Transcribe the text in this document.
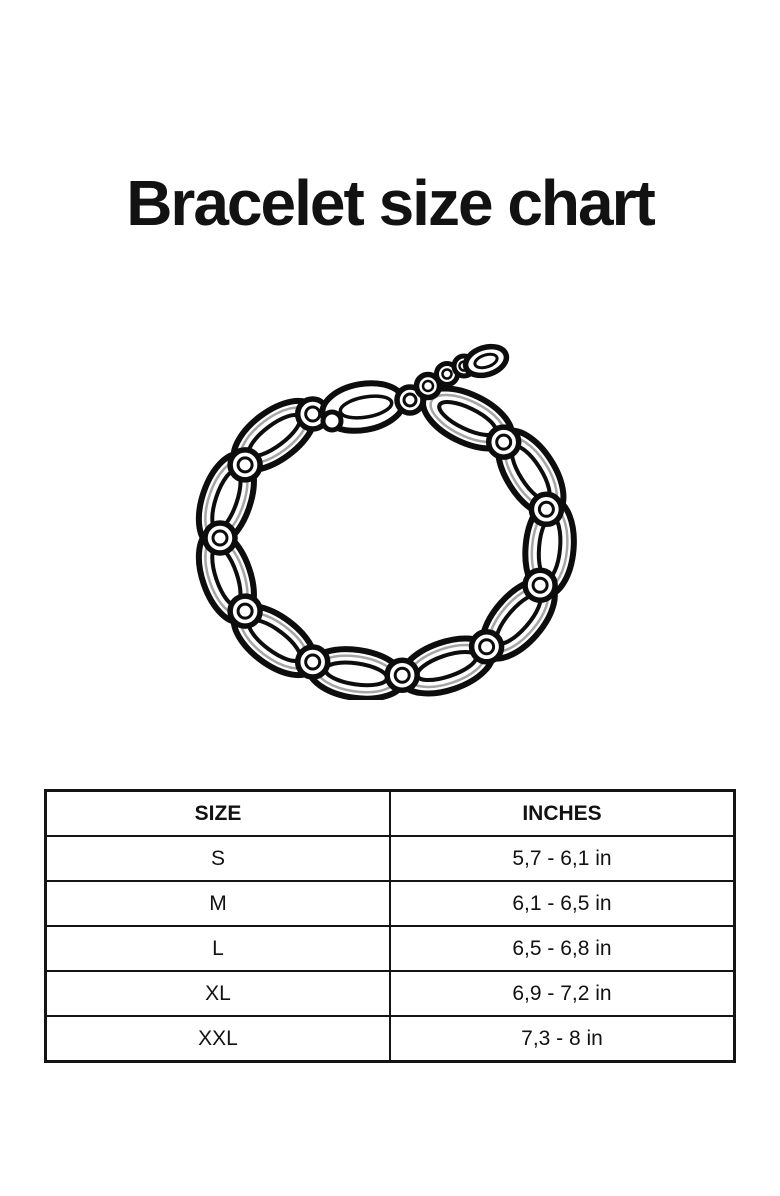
Bracelet size chart
SIZE	INCHES
S	5,7 - 6,1 in
M	6,1 - 6,5 in
L	6,5 - 6,8 in
XL	6,9 - 7,2 in
XXL	7,3 - 8 in
